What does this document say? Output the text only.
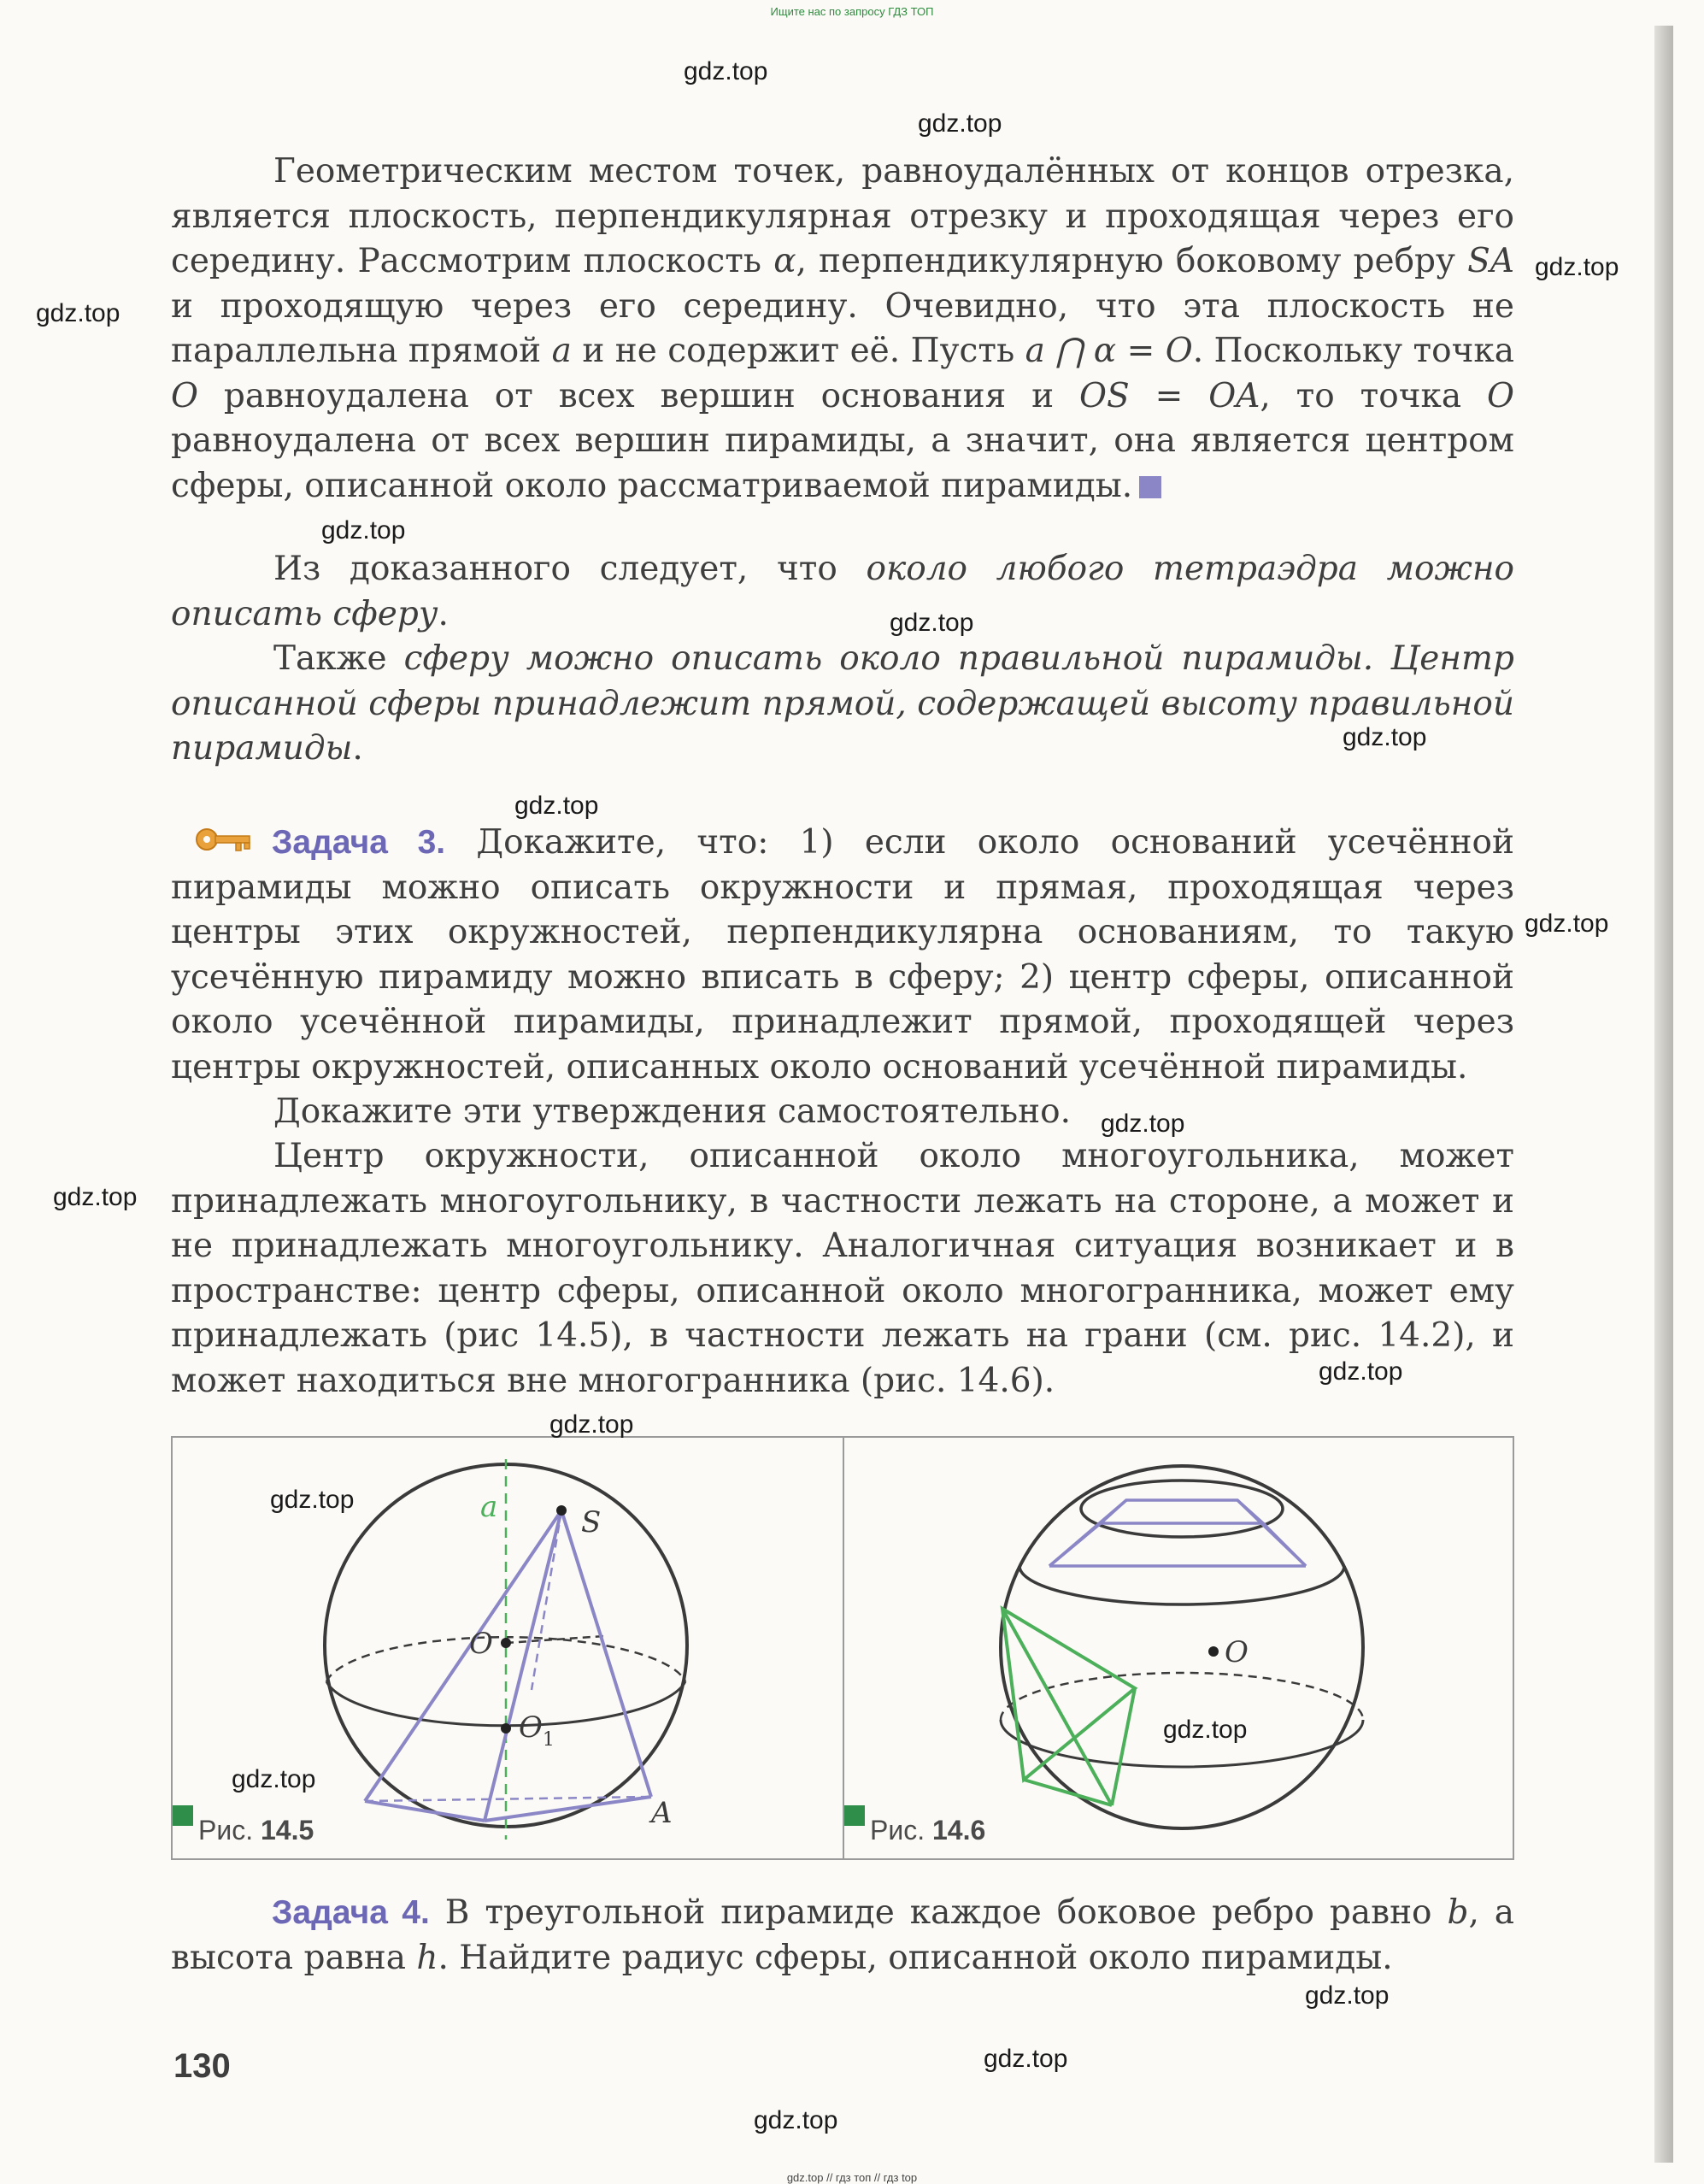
Ищите нас по запросу ГДЗ ТОП

Геометрическим местом точек, равноудалённых от концов отрезка, является плоскость, перпендикулярная отрезку и проходящая через его середину. Рассмотрим плоскость α, перпендикулярную боковому ребру SA и проходящую через его середину. Очевидно, что эта плоскость не параллельна прямой a и не содержит её. Пусть a ⋂ α = O. Поскольку точка O равноудалена от всех вершин основания и OS = OA, то точка O равноудалена от всех вершин пирамиды, а значит, она является центром сферы, описанной около рассматриваемой пирамиды.

Из доказанного следует, что около любого тетраэдра можно описать сферу.

Также сферу можно описать около правильной пирамиды. Центр описанной сферы принадлежит прямой, содержащей высоту правильной пирамиды.

Задача 3. Докажите, что: 1) если около оснований усечённой пирамиды можно описать окружности и прямая, проходящая через центры этих окружностей, перпендикулярна основаниям, то такую усечённую пирамиду можно вписать в сферу; 2) центр сферы, описанной около усечённой пирамиды, принадлежит прямой, проходящей через центры окружностей, описанных около оснований усечённой пирамиды.

Докажите эти утверждения самостоятельно.

Центр окружности, описанной около многоугольника, может принадлежать многоугольнику, в частности лежать на стороне, а может и не принадлежать многоугольнику. Аналогичная ситуация возникает и в пространстве: центр сферы, описанной около многогранника, может ему принадлежать (рис 14.5), в частности лежать на грани (см. рис. 14.2), и может находиться вне многогранника (рис. 14.6).

a	S
O
$O_1$
A
O
Рис. 14.5	Рис. 14.6

Задача 4. В треугольной пирамиде каждое боковое ребро равно b, а высота равна h. Найдите радиус сферы, описанной около пирамиды.

130
gdz.top
gdz.top
gdz.top
gdz.top
gdz.top
gdz.top
gdz.top
gdz.top
gdz.top
gdz.top
gdz.top
gdz.top
gdz.top
gdz.top
gdz.top
gdz.top
gdz.top
gdz.top
gdz.top
gdz.top // гдз топ // гдз top
